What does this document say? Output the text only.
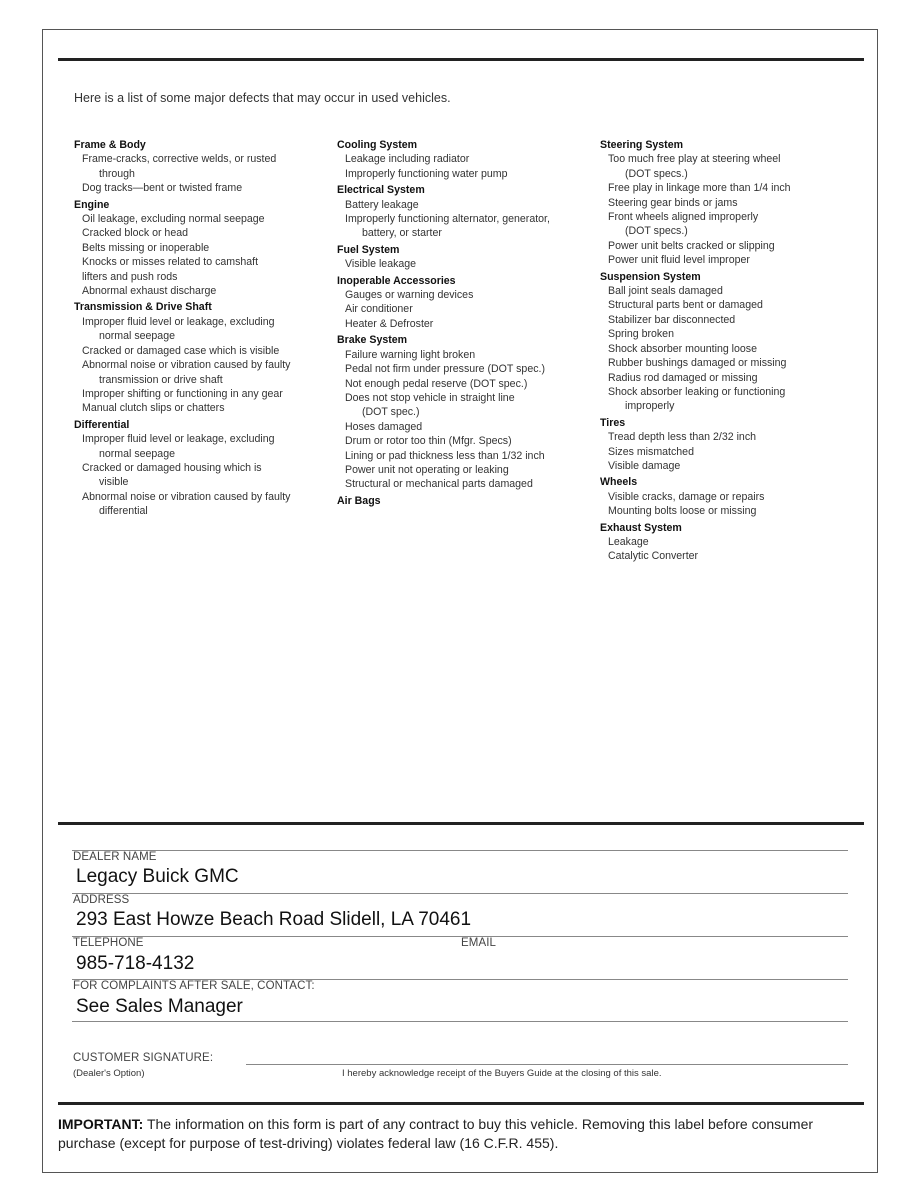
Here is a list of some major defects that may occur in used vehicles.
Frame & Body
Frame-cracks, corrective welds, or rusted
through
Dog tracks—bent or twisted frame
Engine
Oil leakage, excluding normal seepage
Cracked block or head
Belts missing or inoperable
Knocks or misses related to camshaft
lifters and push rods
Abnormal exhaust discharge
Transmission & Drive Shaft
Improper fluid level or leakage, excluding
normal seepage
Cracked or damaged case which is visible
Abnormal noise or vibration caused by faulty
transmission or drive shaft
Improper shifting or functioning in any gear
Manual clutch slips or chatters
Differential
Improper fluid level or leakage, excluding
normal seepage
Cracked or damaged housing which is
visible
Abnormal noise or vibration caused by faulty
differential
Cooling System
Leakage including radiator
Improperly functioning water pump
Electrical System
Battery leakage
Improperly functioning alternator, generator,
battery, or starter
Fuel System
Visible leakage
Inoperable Accessories
Gauges or warning devices
Air conditioner
Heater & Defroster
Brake System
Failure warning light broken
Pedal not firm under pressure (DOT spec.)
Not enough pedal reserve (DOT spec.)
Does not stop vehicle in straight line
(DOT spec.)
Hoses damaged
Drum or rotor too thin (Mfgr. Specs)
Lining or pad thickness less than 1/32 inch
Power unit not operating or leaking
Structural or mechanical parts damaged
Air Bags
Steering System
Too much free play at steering wheel
(DOT specs.)
Free play in linkage more than 1/4 inch
Steering gear binds or jams
Front wheels aligned improperly
(DOT specs.)
Power unit belts cracked or slipping
Power unit fluid level improper
Suspension System
Ball joint seals damaged
Structural parts bent or damaged
Stabilizer bar disconnected
Spring broken
Shock absorber mounting loose
Rubber bushings damaged or missing
Radius rod damaged or missing
Shock absorber leaking or functioning
improperly
Tires
Tread depth less than 2/32 inch
Sizes mismatched
Visible damage
Wheels
Visible cracks, damage or repairs
Mounting bolts loose or missing
Exhaust System
Leakage
Catalytic Converter
DEALER NAME
Legacy Buick GMC
ADDRESS
293 East Howze Beach Road Slidell, LA 70461
TELEPHONE	EMAIL
985-718-4132
FOR COMPLAINTS AFTER SALE, CONTACT:
See Sales Manager
CUSTOMER SIGNATURE:
(Dealer's Option)	I hereby acknowledge receipt of the Buyers Guide at the closing of this sale.
IMPORTANT: The information on this form is part of any contract to buy this vehicle. Removing this label before consumer purchase (except for purpose of test-driving) violates federal law (16 C.F.R. 455).
